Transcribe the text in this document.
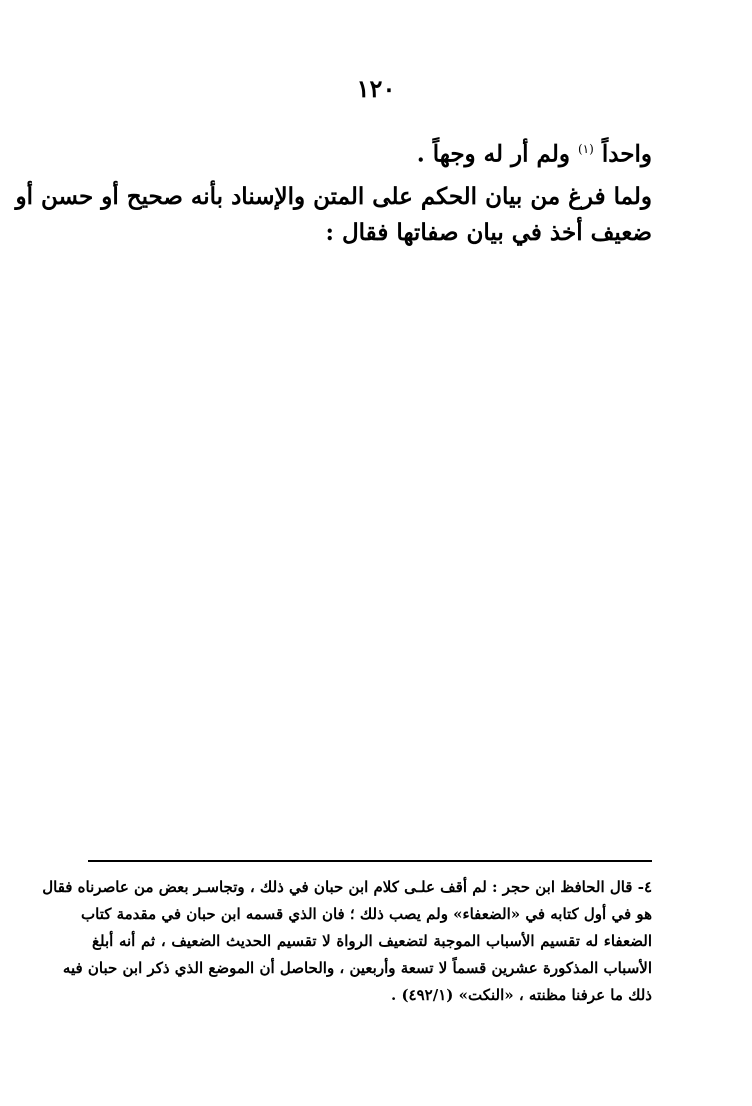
١٢٠
واحداً $^{(١)}$ ولم أر له وجهاً .
ولما فرغ من بيان الحكم على المتن والإسناد بأنه صحيح أو حسن أو
ضعيف أخذ في بيان صفاتها فقال :
٤- قال الحافظ ابن حجر : لم أقف علـى كلام ابن حبان في ذلك ، وتجاسـر بعض من عاصرناه فقال
هو في أول كتابه في «الضعفاء» ولم يصب ذلك ؛ فان الذي قسمه ابن حبان في مقدمة كتاب
الضعفاء له تقسيم الأسباب الموجبة لتضعيف الرواة لا تقسيم الحديث الضعيف ، ثم أنه أبلغ
الأسباب المذكورة عشرين قسماً لا تسعة وأربعين ، والحاصل أن الموضع الذي ذكر ابن حبان فيه
ذلك ما عرفنا مظنته ، «النكت» (٤٩٢/١) .
